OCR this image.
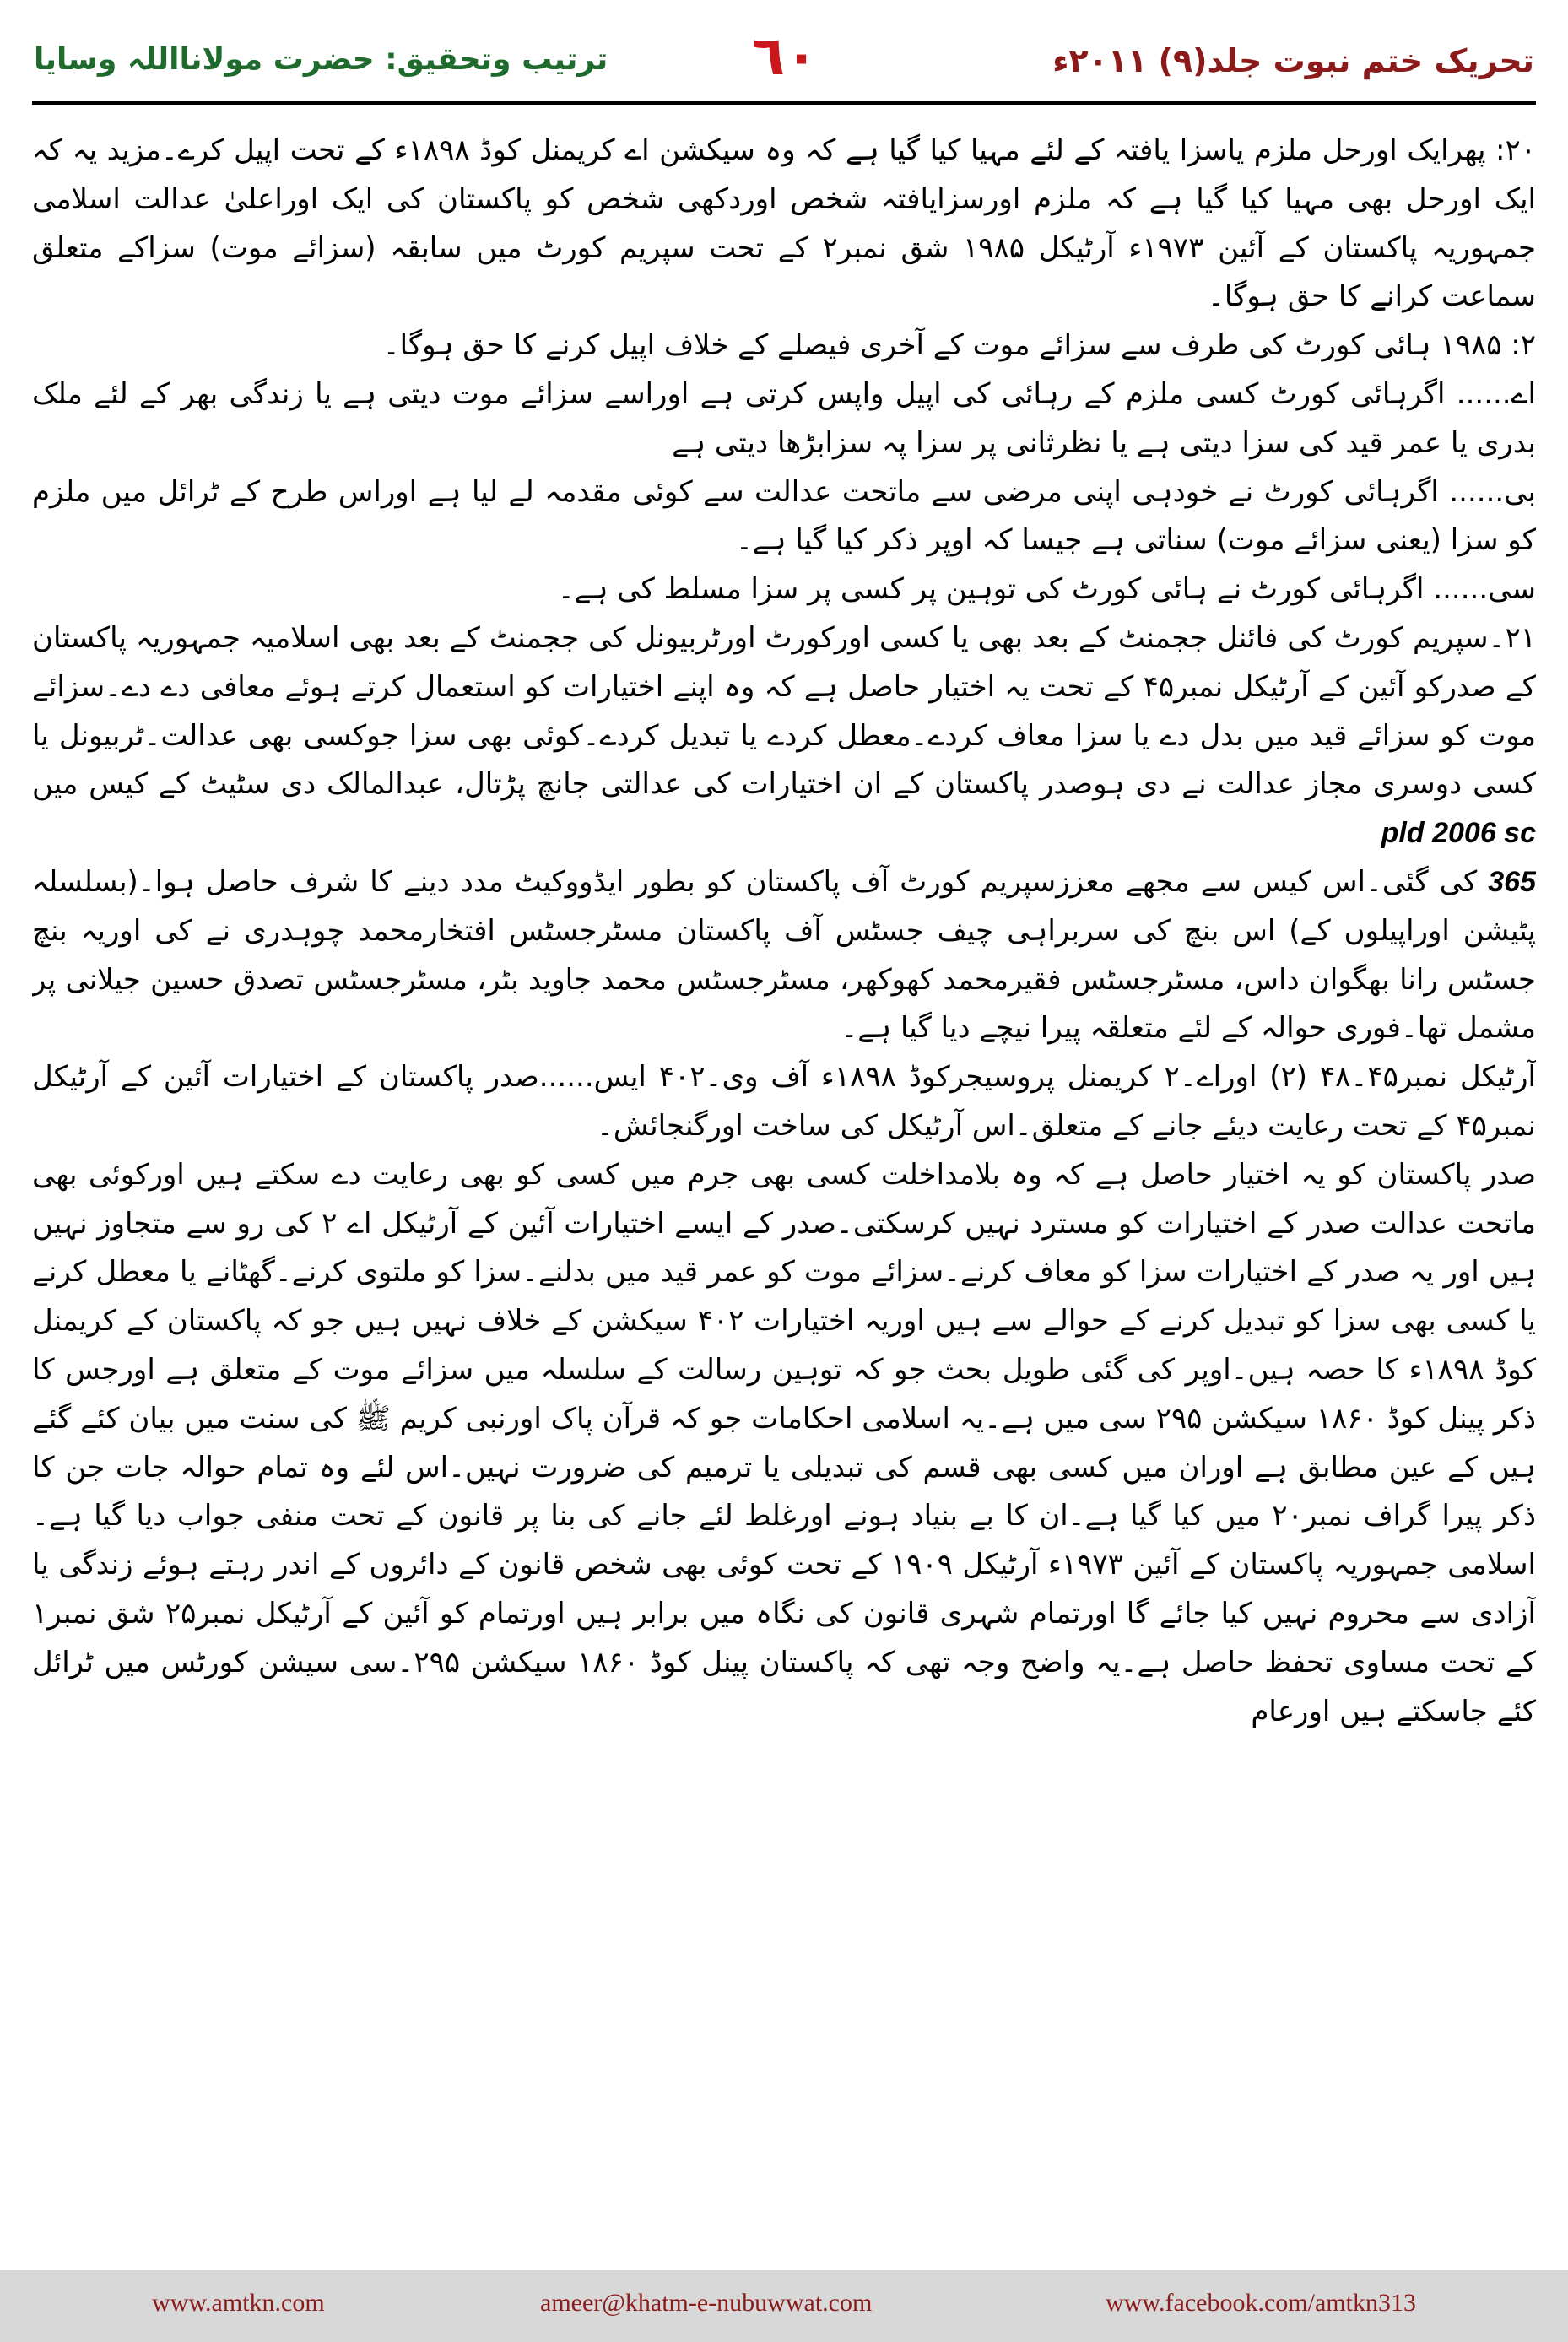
تحریک ختم نبوت جلد(۹) ۲۰۱۱ء
٦٠
ترتیب وتحقیق: حضرت مولانااللہ وسایا

۲۰: پھرایک اورحل ملزم یاسزا یافتہ کے لئے مہیا کیا گیا ہے کہ وہ سیکشن اے کریمنل کوڈ ۱۸۹۸ء کے تحت اپیل کرے۔مزید یہ کہ ایک اورحل بھی مہیا کیا گیا ہے کہ ملزم اورسزایافتہ شخص اوردکھی شخص کو پاکستان کی ایک اوراعلیٰ عدالت اسلامی جمہوریہ پاکستان کے آئین ۱۹۷۳ء آرٹیکل ۱۹۸۵ شق نمبر۲ کے تحت سپریم کورٹ میں سابقہ (سزائے موت) سزاکے متعلق سماعت کرانے کا حق ہوگا۔

۲: ۱۹۸۵ ہائی کورٹ کی طرف سے سزائے موت کے آخری فیصلے کے خلاف اپیل کرنے کا حق ہوگا۔

اے...... اگرہائی کورٹ کسی ملزم کے رہائی کی اپیل واپس کرتی ہے اوراسے سزائے موت دیتی ہے یا زندگی بھر کے لئے ملک بدری یا عمر قید کی سزا دیتی ہے یا نظرثانی پر سزا پہ سزابڑھا دیتی ہے

بی...... اگرہائی کورٹ نے خودہی اپنی مرضی سے ماتحت عدالت سے کوئی مقدمہ لے لیا ہے اوراس طرح کے ٹرائل میں ملزم کو سزا (یعنی سزائے موت) سناتی ہے جیسا کہ اوپر ذکر کیا گیا ہے۔

سی...... اگرہائی کورٹ نے ہائی کورٹ کی توہین پر کسی پر سزا مسلط کی ہے۔

۲۱۔سپریم کورٹ کی فائنل ججمنٹ کے بعد بھی یا کسی اورکورٹ اورٹربیونل کی ججمنٹ کے بعد بھی اسلامیہ جمہوریہ پاکستان کے صدرکو آئین کے آرٹیکل نمبر۴۵ کے تحت یہ اختیار حاصل ہے کہ وہ اپنے اختیارات کو استعمال کرتے ہوئے معافی دے دے۔سزائے موت کو سزائے قید میں بدل دے یا سزا معاف کردے۔معطل کردے یا تبدیل کردے۔کوئی بھی سزا جوکسی بھی عدالت۔ٹربیونل یا کسی دوسری مجاز عدالت نے دی ہوصدر پاکستان کے ان اختیارات کی عدالتی جانچ پڑتال، عبدالمالک دی سٹیٹ کے کیس میں pld 2006 sc

365 کی گئی۔اس کیس سے مجھے معززسپریم کورٹ آف پاکستان کو بطور ایڈووکیٹ مدد دینے کا شرف حاصل ہوا۔(بسلسلہ پٹیشن اوراپیلوں کے) اس بنچ کی سربراہی چیف جسٹس آف پاکستان مسٹرجسٹس افتخارمحمد چوہدری نے کی اوریہ بنچ جسٹس رانا بھگوان داس، مسٹرجسٹس فقیرمحمد کھوکھر، مسٹرجسٹس محمد جاوید بٹر، مسٹرجسٹس تصدق حسین جیلانی پر مشمل تھا۔فوری حوالہ کے لئے متعلقہ پیرا نیچے دیا گیا ہے۔

آرٹیکل نمبر۴۵۔۴۸ (۲) اوراے۔۲ کریمنل پروسیجرکوڈ ۱۸۹۸ء آف وی۔۴۰۲ ایس......صدر پاکستان کے اختیارات آئین کے آرٹیکل نمبر۴۵ کے تحت رعایت دیئے جانے کے متعلق۔اس آرٹیکل کی ساخت اورگنجائش۔

صدر پاکستان کو یہ اختیار حاصل ہے کہ وہ بلامداخلت کسی بھی جرم میں کسی کو بھی رعایت دے سکتے ہیں اورکوئی بھی ماتحت عدالت صدر کے اختیارات کو مسترد نہیں کرسکتی۔صدر کے ایسے اختیارات آئین کے آرٹیکل اے ۲ کی رو سے متجاوز نہیں ہیں اور یہ صدر کے اختیارات سزا کو معاف کرنے۔سزائے موت کو عمر قید میں بدلنے۔سزا کو ملتوی کرنے۔گھٹانے یا معطل کرنے یا کسی بھی سزا کو تبدیل کرنے کے حوالے سے ہیں اوریہ اختیارات ۴۰۲ سیکشن کے خلاف نہیں ہیں جو کہ پاکستان کے کریمنل کوڈ ۱۸۹۸ء کا حصہ ہیں۔اوپر کی گئی طویل بحث جو کہ توہین رسالت کے سلسلہ میں سزائے موت کے متعلق ہے اورجس کا ذکر پینل کوڈ ۱۸۶۰ سیکشن ۲۹۵ سی میں ہے۔یہ اسلامی احکامات جو کہ قرآن پاک اورنبی کریم ﷺ کی سنت میں بیان کئے گئے ہیں کے عین مطابق ہے اوران میں کسی بھی قسم کی تبدیلی یا ترمیم کی ضرورت نہیں۔اس لئے وہ تمام حوالہ جات جن کا ذکر پیرا گراف نمبر۲۰ میں کیا گیا ہے۔ان کا بے بنیاد ہونے اورغلط لئے جانے کی بنا پر قانون کے تحت منفی جواب دیا گیا ہے۔اسلامی جمہوریہ پاکستان کے آئین ۱۹۷۳ء آرٹیکل ۱۹۰۹ کے تحت کوئی بھی شخص قانون کے دائروں کے اندر رہتے ہوئے زندگی یا آزادی سے محروم نہیں کیا جائے گا اورتمام شہری قانون کی نگاہ میں برابر ہیں اورتمام کو آئین کے آرٹیکل نمبر۲۵ شق نمبر۱ کے تحت مساوی تحفظ حاصل ہے۔یہ واضح وجہ تھی کہ پاکستان پینل کوڈ ۱۸۶۰ سیکشن ۲۹۵۔سی سیشن کورٹس میں ٹرائل کئے جاسکتے ہیں اورعام

www.amtkn.com	ameer@khatm-e-nubuwwat.com	www.facebook.com/amtkn313
